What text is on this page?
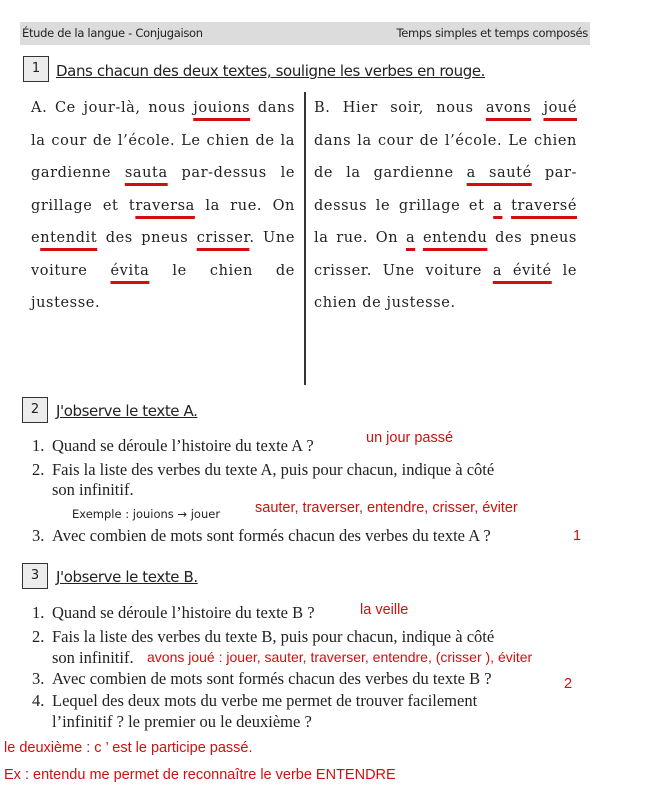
Étude de la langue - Conjugaison	Temps simples et temps composés
1	Dans chacun des deux textes, souligne les verbes en rouge.
A. Ce jour-là, nous jouions dans la cour de l’école. Le chien de la gardienne sauta par-dessus le grillage et traversa la rue. On entendit des pneus crisser. Une voiture évita le chien de justesse.
B. Hier soir, nous avons joué dans la cour de l’école. Le chien de la gardienne a sauté par-dessus le grillage et a traversé la rue. On a entendu des pneus crisser. Une voiture a évité le chien de justesse.
2	J'observe le texte A.
1. Quand se déroule l’histoire du texte A ?	un jour passé
2. Fais la liste des verbes du texte A, puis pour chacun, indique à côté
son infinitif.
Exemple : jouions → jouer sauter, traverser, entendre, crisser, éviter
3. Avec combien de mots sont formés chacun des verbes du texte A ?	1
3	J'observe le texte B.
1. Quand se déroule l’histoire du texte B ?	la veille
2. Fais la liste des verbes du texte B, puis pour chacun, indique à côté
son infinitif. avons joué : jouer, sauter, traverser, entendre, (crisser ), éviter
3. Avec combien de mots sont formés chacun des verbes du texte B ?	2
4. Lequel des deux mots du verbe me permet de trouver facilement
l’infinitif ? le premier ou le deuxième ?
le deuxième : c ’ est le participe passé.
Ex : entendu me permet de reconnaître le verbe ENTENDRE
